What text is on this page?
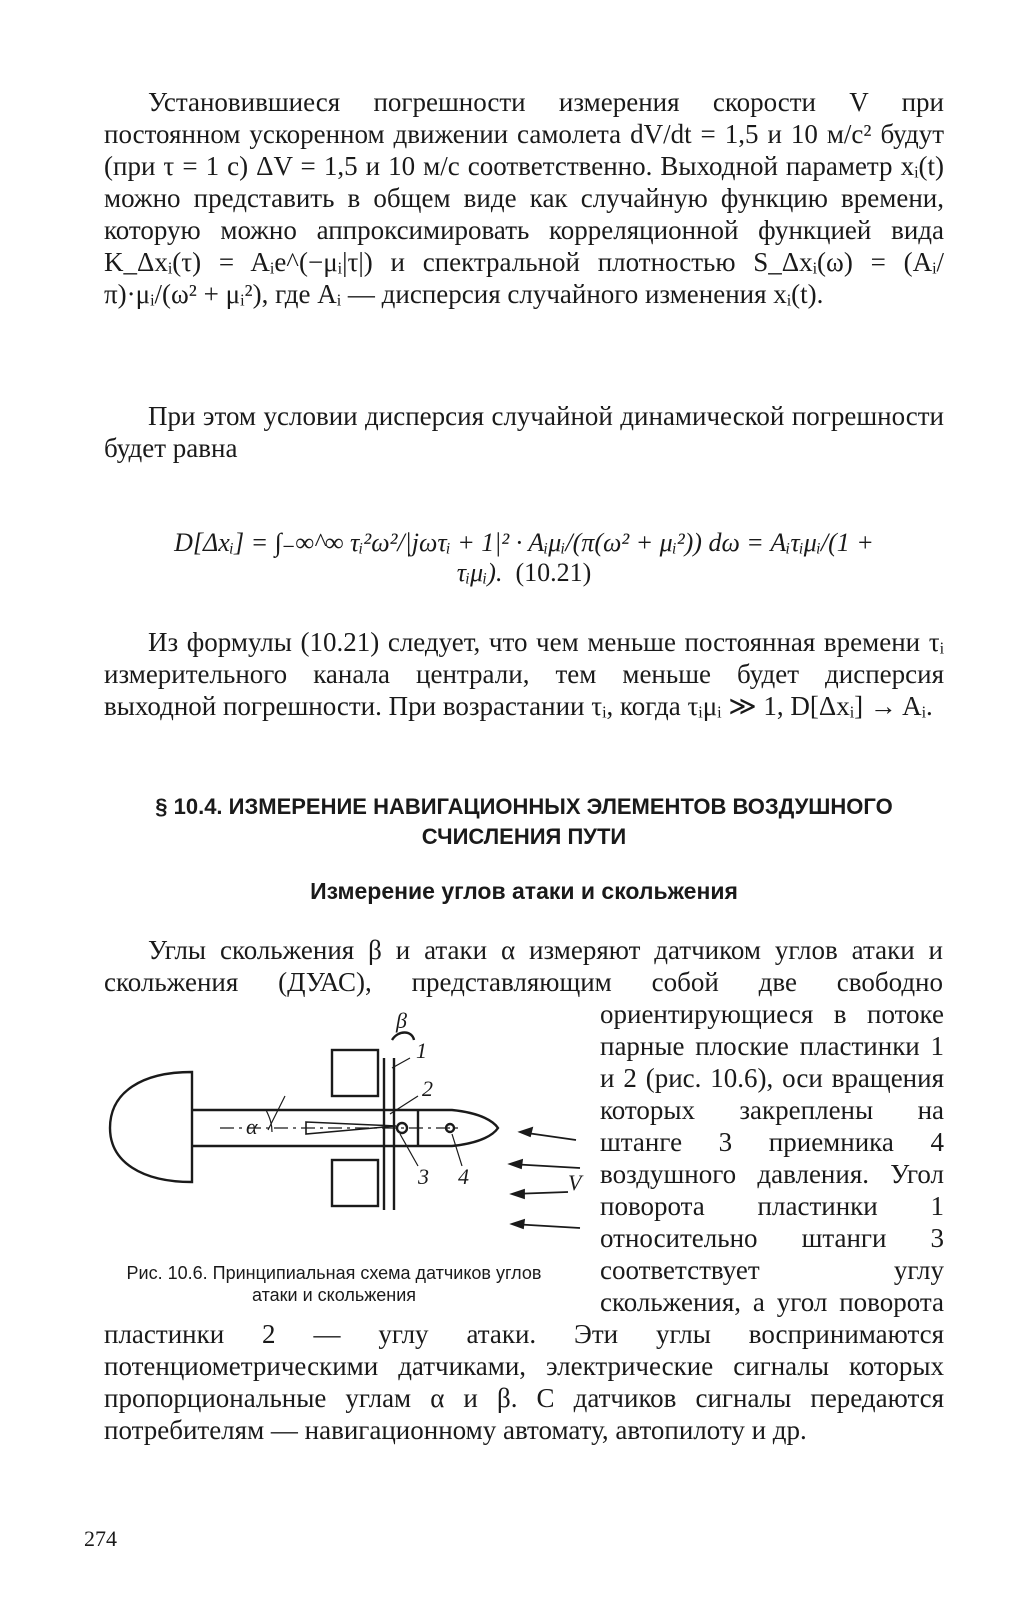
Установившиеся погрешности измерения скорости V при постоянном ускоренном движении самолета dV/dt = 1,5 и 10 м/с² будут (при τ = 1 с) ΔV = 1,5 и 10 м/с соответственно. Выходной параметр xᵢ(t) можно представить в общем виде как случайную функцию времени, которую можно аппроксимировать корреляционной функцией вида K_Δxᵢ(τ) = Aᵢe^(−μᵢ|τ|) и спектральной плотностью S_Δxᵢ(ω) = (Aᵢ/π)·μᵢ/(ω² + μᵢ²), где Aᵢ — дисперсия случайного изменения xᵢ(t).
При этом условии дисперсия случайной динамической погрешности будет равна
D[Δxᵢ] = ∫₋∞^∞ τᵢ²ω²/|jωτᵢ + 1|² · Aᵢμᵢ/(π(ω² + μᵢ²)) dω = Aᵢτᵢμᵢ/(1 + τᵢμᵢ). (10.21)
Из формулы (10.21) следует, что чем меньше постоянная времени τᵢ измерительного канала централи, тем меньше будет дисперсия выходной погрешности. При возрастании τᵢ, когда τᵢμᵢ ≫ 1, D[Δxᵢ] → Aᵢ.
§ 10.4. ИЗМЕРЕНИЕ НАВИГАЦИОННЫХ ЭЛЕМЕНТОВ ВОЗДУШНОГО СЧИСЛЕНИЯ ПУТИ
Измерение углов атаки и скольжения
Углы скольжения β и атаки α измеряют датчиком углов атаки и скольжения (ДУАС), представляющим собой две свободно ориентирующиеся в потоке парные плоские пластинки 1 и 2 (рис. 10.6), оси вращения которых закреплены на штанге 3 приемника 4 воздушного давления. Угол поворота пластинки 1 относительно штанги 3 соответствует углу скольжения, а угол поворота пластинки 2 — углу атаки. Эти углы воспринимаются потенциометрическими датчиками, электрические сигналы которых пропорциональные углам α и β. С датчиков сигналы передаются потребителям — навигационному автомату, автопилоту и др.
β
α
1
2
3 4	V
Рис. 10.6. Принципиальная схема датчиков углов атаки и скольжения
274
